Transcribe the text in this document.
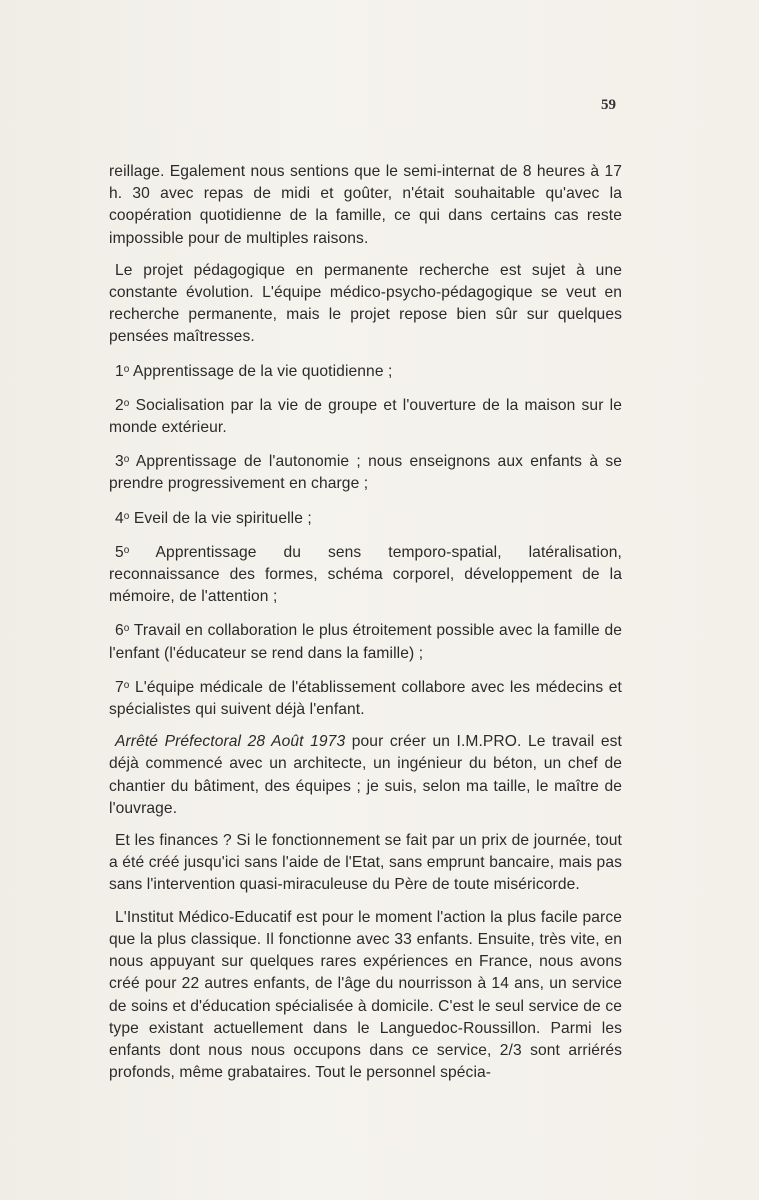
59

reillage. Egalement nous sentions que le semi-internat de 8 heures à 17 h. 30 avec repas de midi et goûter, n'était souhaitable qu'avec la coopération quotidienne de la famille, ce qui dans certains cas reste impossible pour de multiples raisons.

Le projet pédagogique en permanente recherche est sujet à une constante évolution. L'équipe médico-psycho-pédagogique se veut en recherche permanente, mais le projet repose bien sûr sur quelques pensées maîtresses.

1$^o$ Apprentissage de la vie quotidienne ;

2$^o$ Socialisation par la vie de groupe et l'ouverture de la maison sur le monde extérieur.

3$^o$ Apprentissage de l'autonomie ; nous enseignons aux enfants à se prendre progressivement en charge ;

4$^o$ Eveil de la vie spirituelle ;

5$^o$ Apprentissage du sens temporo-spatial, latéralisation, reconnaissance des formes, schéma corporel, développement de la mémoire, de l'attention ;

6$^o$ Travail en collaboration le plus étroitement possible avec la famille de l'enfant (l'éducateur se rend dans la famille) ;

7$^o$ L'équipe médicale de l'établissement collabore avec les médecins et spécialistes qui suivent déjà l'enfant.

Arrêté Préfectoral 28 Août 1973 pour créer un I.M.PRO. Le travail est déjà commencé avec un architecte, un ingénieur du béton, un chef de chantier du bâtiment, des équipes ; je suis, selon ma taille, le maître de l'ouvrage.

Et les finances ? Si le fonctionnement se fait par un prix de journée, tout a été créé jusqu'ici sans l'aide de l'Etat, sans emprunt bancaire, mais pas sans l'intervention quasi-miraculeuse du Père de toute miséricorde.

L'Institut Médico-Educatif est pour le moment l'action la plus facile parce que la plus classique. Il fonctionne avec 33 enfants. Ensuite, très vite, en nous appuyant sur quelques rares expériences en France, nous avons créé pour 22 autres enfants, de l'âge du nourrisson à 14 ans, un service de soins et d'éducation spécialisée à domicile. C'est le seul service de ce type existant actuellement dans le Languedoc-Roussillon. Parmi les enfants dont nous nous occupons dans ce service, 2/3 sont arriérés profonds, même grabataires. Tout le personnel spécia-
